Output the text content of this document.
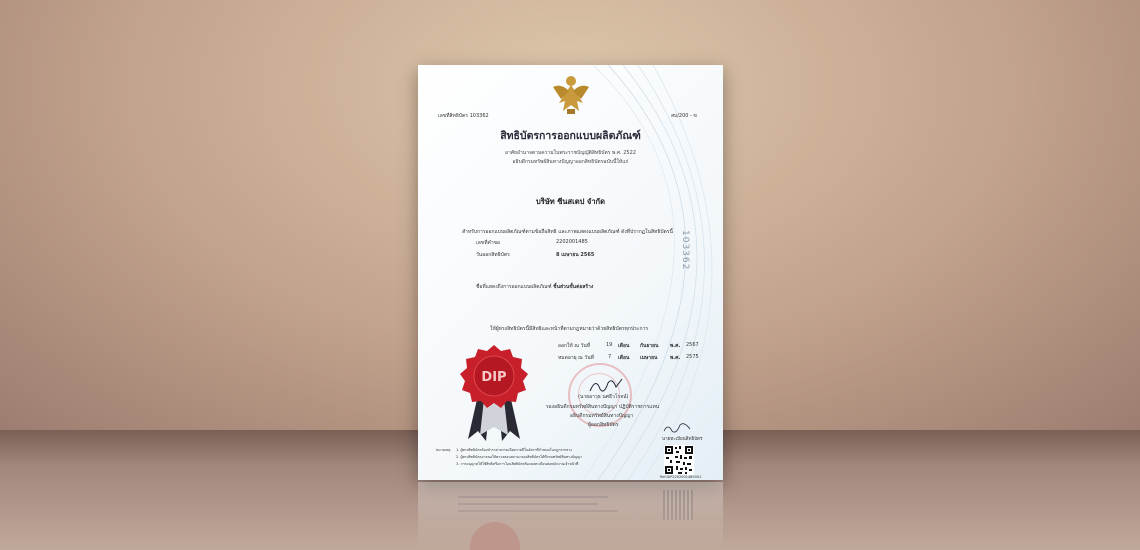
เลขที่สิทธิบัตร 103362	สบ/200 - ข
สิทธิบัตรการออกแบบผลิตภัณฑ์
อาศัยอำนาจตามความในพระราชบัญญัติสิทธิบัตร พ.ศ. 2522
อธิบดีกรมทรัพย์สินทางปัญญาออกสิทธิบัตรฉบับนี้ให้แก่
บริษัท ซีนสเตป จำกัด
สำหรับการออกแบบผลิตภัณฑ์ตามข้อถือสิทธิ และภาพแสดงแบบผลิตภัณฑ์ ดังที่ปรากฏในสิทธิบัตรนี้
เลขที่คำขอ	2202001485
วันออกสิทธิบัตร	8 เมษายน 2565
ชื่อที่แสดงถึงการออกแบบผลิตภัณฑ์ ชิ้นส่วนชั้นต่อสร้าง
103362
ให้ผู้ทรงสิทธิบัตรนี้มีสิทธิและหน้าที่ตามกฎหมายว่าด้วยสิทธิบัตรทุกประการ
ออกให้ ณ วันที่	19 เดือน กันยายน พ.ศ. 2567
หมดอายุ ณ วันที่	7 เดือน เมษายน	พ.ศ. 2575
(นายอาวุธ นศธีวโรจน์)
รองอธิบดีกรมทรัพย์สินทางปัญญา ปฏิบัติราชการแทน
อธิบดีกรมทรัพย์สินทางปัญญา
ผู้ออกสิทธิบัตร
DIP
นายทะเบียนสิทธิบัตร
Ref.DIP2202001485001
หมายเหตุ 1. ผู้ทรงสิทธิบัตรต้องชำระค่าธรรมเนียมรายปีในอัตราที่กำหนดในกฎกระทรวง
2. ผู้ทรงสิทธิบัตรอาจขอให้ตรวจสอบสถานะของสิทธิบัตรได้ที่กรมทรัพย์สินทางปัญญา
3. การอนุญาตให้ใช้สิทธิหรือการโอนสิทธิบัตรต้องจดทะเบียนต่อพนักงานเจ้าหน้าที่
